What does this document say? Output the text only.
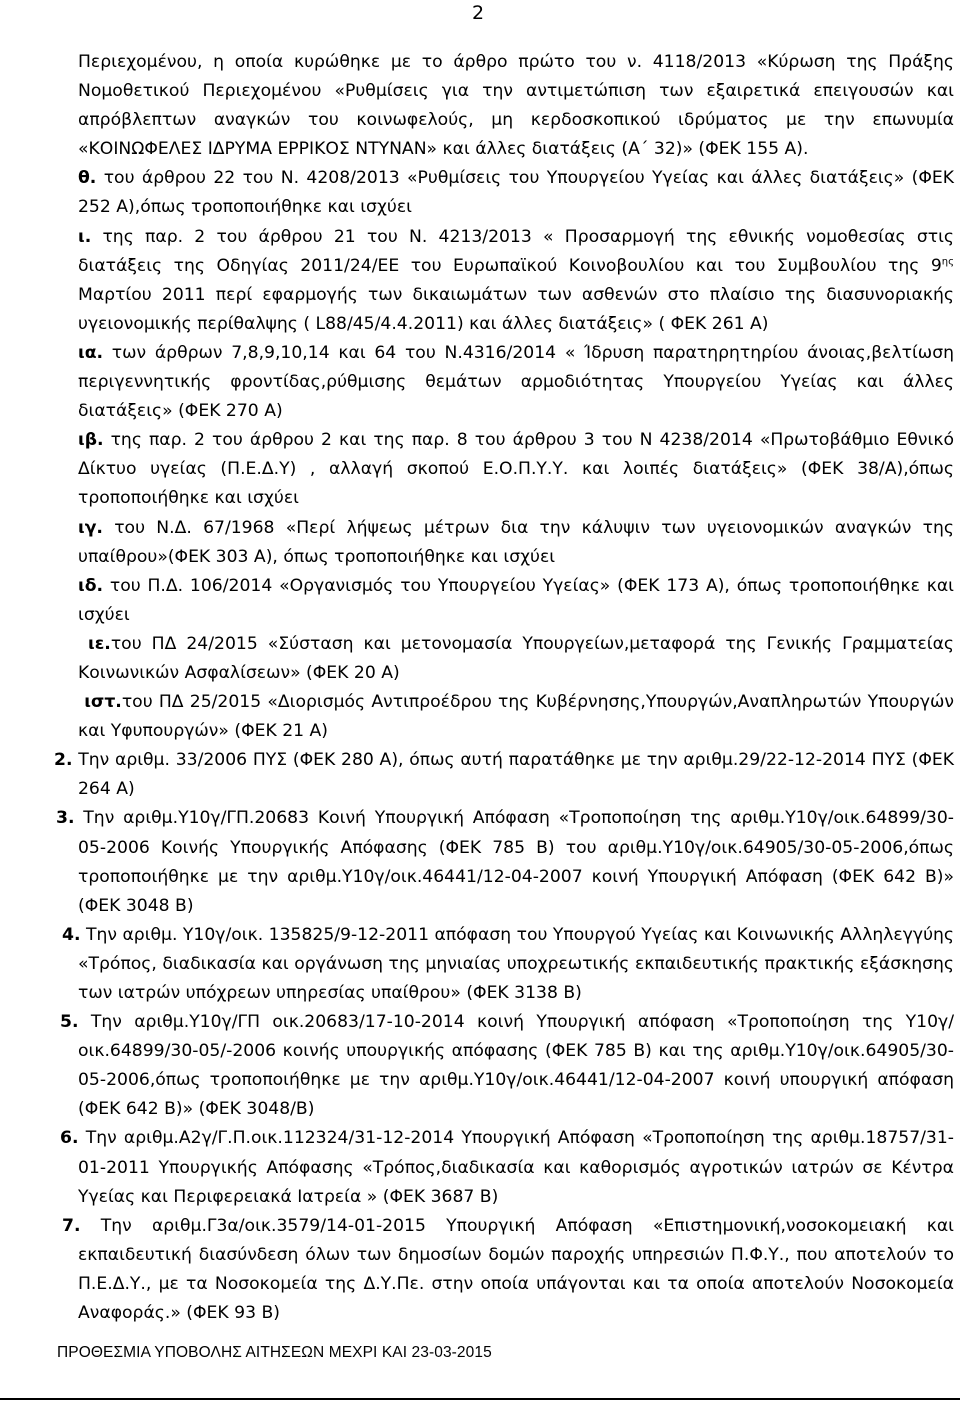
2

Περιεχομένου, η οποία κυρώθηκε με το άρθρο πρώτο του ν. 4118/2013 «Κύρωση της Πράξης Νομοθετικού Περιεχομένου «Ρυθμίσεις για την αντιμετώπιση των εξαιρετικά επειγουσών και απρόβλεπτων αναγκών του κοινωφελούς, μη κερδοσκοπικού ιδρύματος με την επωνυμία «ΚΟΙΝΩΦΕΛΕΣ ΙΔΡΥΜΑ ΕΡΡΙΚΟΣ ΝΤΥΝΑΝ» και άλλες διατάξεις (Α΄ 32)» (ΦΕΚ 155 Α).

θ. του άρθρου 22 του Ν. 4208/2013 «Ρυθμίσεις του Υπουργείου Υγείας και άλλες διατάξεις» (ΦΕΚ 252 Α),όπως τροποποιήθηκε και ισχύει

ι. της παρ. 2 του άρθρου 21 του Ν. 4213/2013 « Προσαρμογή της εθνικής νομοθεσίας στις διατάξεις της Οδηγίας 2011/24/ΕΕ του Ευρωπαϊκού Κοινοβουλίου και του Συμβουλίου της $9^{\eta\varsigma}$ Μαρτίου 2011 περί εφαρμογής των δικαιωμάτων των ασθενών στο πλαίσιο της διασυνοριακής υγειονομικής περίθαλψης ( L88/45/4.4.2011) και άλλες διατάξεις» ( ΦΕΚ 261 Α)

ια. των άρθρων 7,8,9,10,14 και 64 του Ν.4316/2014 « Ίδρυση παρατηρητηρίου άνοιας,βελτίωση περιγεννητικής φροντίδας,ρύθμισης θεμάτων αρμοδιότητας Υπουργείου Υγείας και άλλες διατάξεις» (ΦΕΚ 270 Α)

ιβ. της παρ. 2 του άρθρου 2 και της παρ. 8 του άρθρου 3 του Ν 4238/2014 «Πρωτοβάθμιο Εθνικό Δίκτυο υγείας (Π.Ε.Δ.Υ) , αλλαγή σκοπού Ε.Ο.Π.Υ.Υ. και λοιπές διατάξεις» (ΦΕΚ 38/Α),όπως τροποποιήθηκε και ισχύει

ιγ. του Ν.Δ. 67/1968 «Περί λήψεως μέτρων δια την κάλυψιν των υγειονομικών αναγκών της υπαίθρου»(ΦΕΚ 303 Α), όπως τροποποιήθηκε και ισχύει

ιδ. του Π.Δ. 106/2014 «Οργανισμός του Υπουργείου Υγείας» (ΦΕΚ 173 Α), όπως τροποποιήθηκε και ισχύει

ιε.του ΠΔ 24/2015 «Σύσταση και μετονομασία Υπουργείων,μεταφορά της Γενικής Γραμματείας Κοινωνικών Ασφαλίσεων» (ΦΕΚ 20 Α)

ιστ.του ΠΔ 25/2015 «Διορισμός Αντιπροέδρου της Κυβέρνησης,Υπουργών,Αναπληρωτών Υπουργών και Υφυπουργών» (ΦΕΚ 21 Α)

2. Την αριθμ. 33/2006 ΠΥΣ (ΦΕΚ 280 Α), όπως αυτή παρατάθηκε με την αριθμ.29/22-12-2014 ΠΥΣ (ΦΕΚ 264 Α)

3. Την αριθμ.Υ10γ/ΓΠ.20683 Κοινή Υπουργική Απόφαση «Τροποποίηση της αριθμ.Υ10γ/οικ.64899/30-05-2006 Κοινής Υπουργικής Απόφασης (ΦΕΚ 785 Β) του αριθμ.Υ10γ/οικ.64905/30-05-2006,όπως τροποποιήθηκε με την αριθμ.Υ10γ/οικ.46441/12-04-2007 κοινή Υπουργική Απόφαση (ΦΕΚ 642 Β)» (ΦΕΚ 3048 Β)

4. Την αριθμ. Υ10γ/οικ. 135825/9-12-2011 απόφαση του Υπουργού Υγείας και Κοινωνικής Αλληλεγγύης «Τρόπος, διαδικασία και οργάνωση της μηνιαίας υποχρεωτικής εκπαιδευτικής πρακτικής εξάσκησης των ιατρών υπόχρεων υπηρεσίας υπαίθρου» (ΦΕΚ 3138 Β)

5. Την αριθμ.Υ10γ/ΓΠ οικ.20683/17-10-2014 κοινή Υπουργική απόφαση «Τροποποίηση της Υ10γ/οικ.64899/30-05/-2006 κοινής υπουργικής απόφασης (ΦΕΚ 785 Β) και της αριθμ.Υ10γ/οικ.64905/30-05-2006,όπως τροποποιήθηκε με την αριθμ.Υ10γ/οικ.46441/12-04-2007 κοινή υπουργική απόφαση (ΦΕΚ 642 Β)» (ΦΕΚ 3048/Β)

6. Την αριθμ.Α2γ/Γ.Π.οικ.112324/31-12-2014 Υπουργική Απόφαση «Τροποποίηση της αριθμ.18757/31-01-2011 Υπουργικής Απόφασης «Τρόπος,διαδικασία και καθορισμός αγροτικών ιατρών σε Κέντρα Υγείας και Περιφερειακά Ιατρεία » (ΦΕΚ 3687 Β)

7. Την αριθμ.Γ3α/οικ.3579/14-01-2015 Υπουργική Απόφαση «Επιστημονική,νοσοκομειακή και εκπαιδευτική διασύνδεση όλων των δημοσίων δομών παροχής υπηρεσιών Π.Φ.Υ., που αποτελούν το Π.Ε.Δ.Υ., με τα Νοσοκομεία της Δ.Υ.Πε. στην οποία υπάγονται και τα οποία αποτελούν Νοσοκομεία Αναφοράς.» (ΦΕΚ 93 Β)

ΠΡΟΘΕΣΜΙΑ ΥΠΟΒΟΛΗΣ ΑΙΤΗΣΕΩΝ ΜΕΧΡΙ ΚΑΙ 23-03-2015
